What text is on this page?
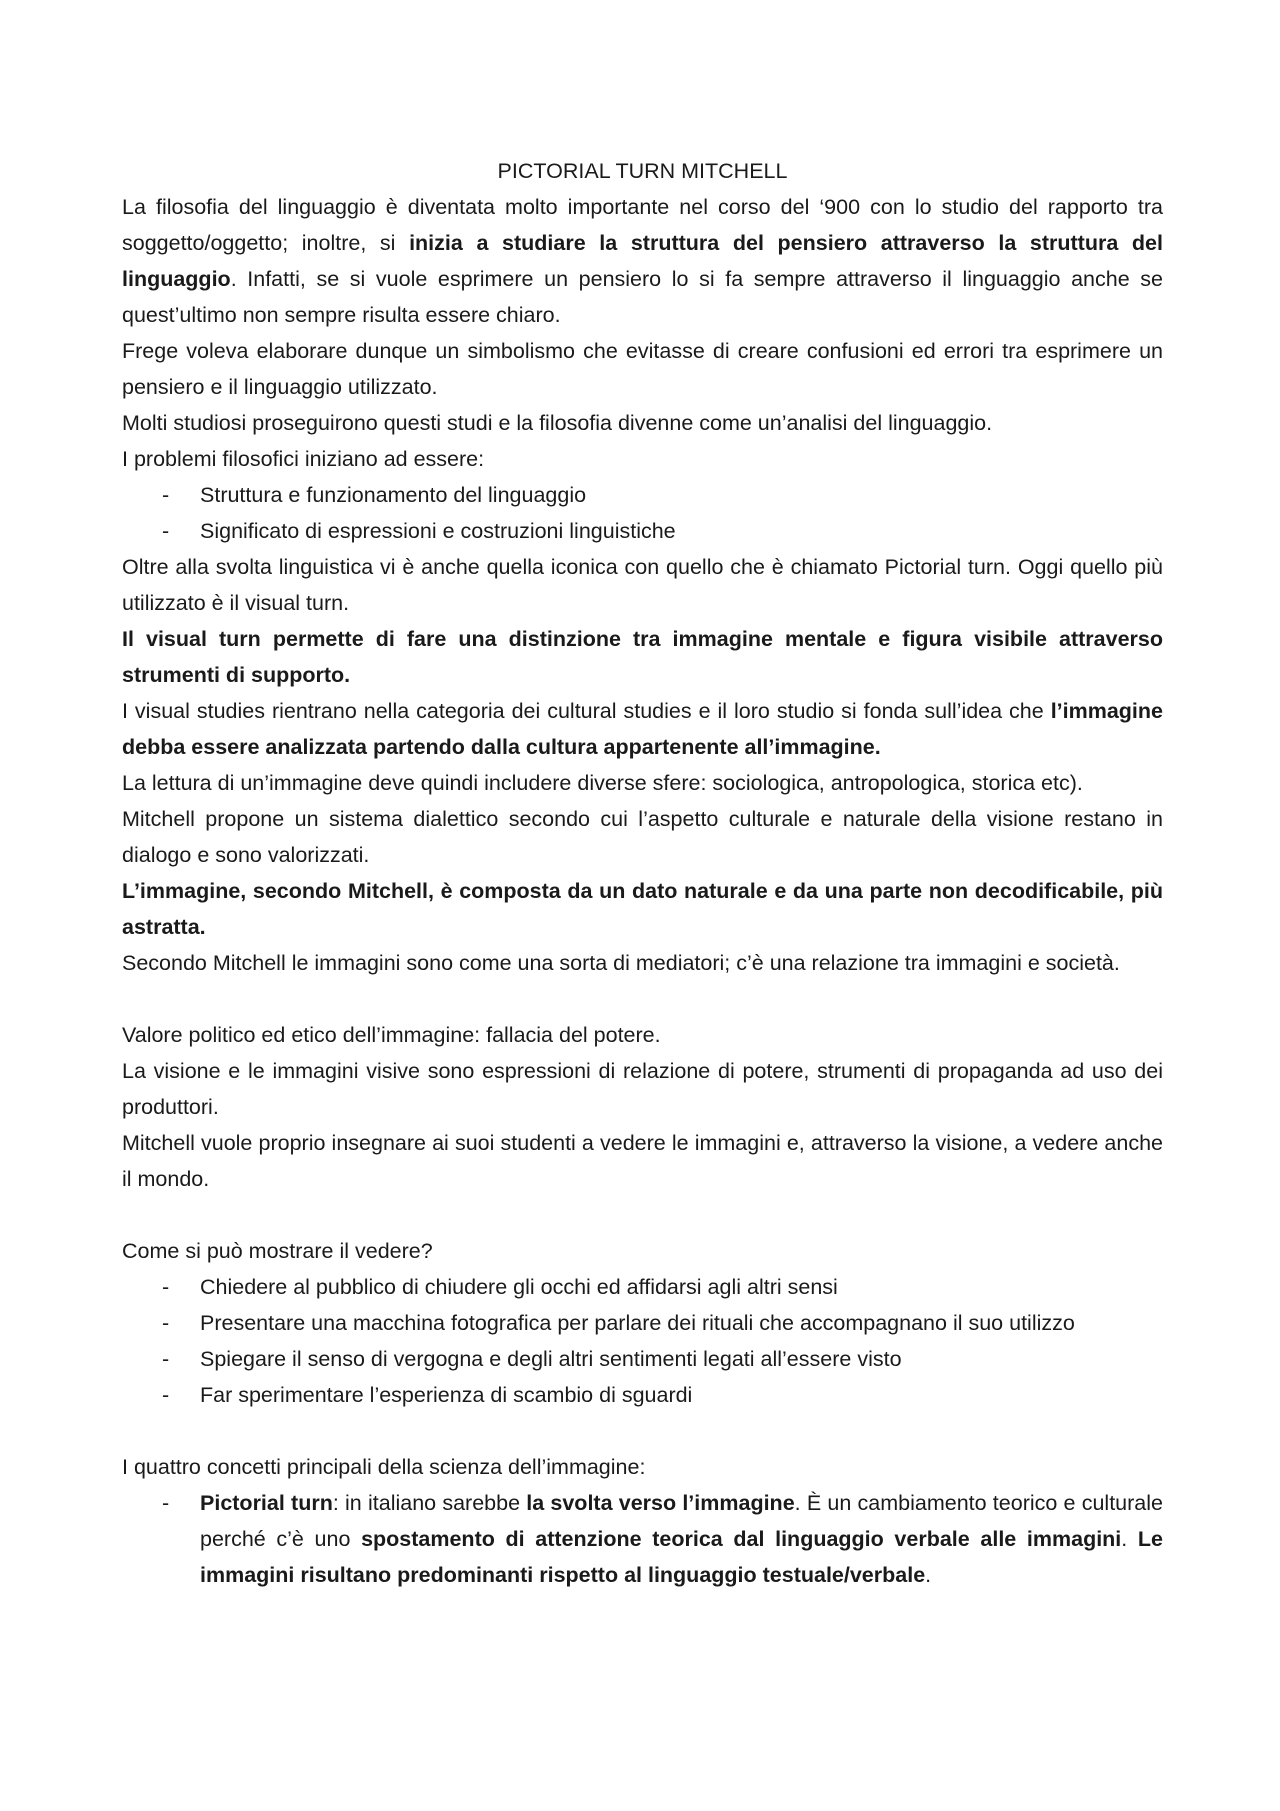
PICTORIAL TURN MITCHELL

La filosofia del linguaggio è diventata molto importante nel corso del ‘900 con lo studio del rapporto tra soggetto/oggetto; inoltre, si inizia a studiare la struttura del pensiero attraverso la struttura del linguaggio. Infatti, se si vuole esprimere un pensiero lo si fa sempre attraverso il linguaggio anche se quest’ultimo non sempre risulta essere chiaro.

Frege voleva elaborare dunque un simbolismo che evitasse di creare confusioni ed errori tra esprimere un pensiero e il linguaggio utilizzato.

Molti studiosi proseguirono questi studi e la filosofia divenne come un’analisi del linguaggio.

I problemi filosofici iniziano ad essere:

-	Struttura e funzionamento del linguaggio
-	Significato di espressioni e costruzioni linguistiche

Oltre alla svolta linguistica vi è anche quella iconica con quello che è chiamato Pictorial turn. Oggi quello più utilizzato è il visual turn.

Il visual turn permette di fare una distinzione tra immagine mentale e figura visibile attraverso strumenti di supporto.

I visual studies rientrano nella categoria dei cultural studies e il loro studio si fonda sull’idea che l’immagine debba essere analizzata partendo dalla cultura appartenente all’immagine.

La lettura di un’immagine deve quindi includere diverse sfere: sociologica, antropologica, storica etc).

Mitchell propone un sistema dialettico secondo cui l’aspetto culturale e naturale della visione restano in dialogo e sono valorizzati.

L’immagine, secondo Mitchell, è composta da un dato naturale e da una parte non decodificabile, più astratta.

Secondo Mitchell le immagini sono come una sorta di mediatori; c’è una relazione tra immagini e società.

Valore politico ed etico dell’immagine: fallacia del potere.

La visione e le immagini visive sono espressioni di relazione di potere, strumenti di propaganda ad uso dei produttori.

Mitchell vuole proprio insegnare ai suoi studenti a vedere le immagini e, attraverso la visione, a vedere anche il mondo.

Come si può mostrare il vedere?

-	Chiedere al pubblico di chiudere gli occhi ed affidarsi agli altri sensi
-	Presentare una macchina fotografica per parlare dei rituali che accompagnano il suo utilizzo
-	Spiegare il senso di vergogna e degli altri sentimenti legati all’essere visto
-	Far sperimentare l’esperienza di scambio di sguardi

I quattro concetti principali della scienza dell’immagine:

-	Pictorial turn: in italiano sarebbe la svolta verso l’immagine. È un cambiamento teorico e culturale perché c’è uno spostamento di attenzione teorica dal linguaggio verbale alle immagini. Le immagini risultano predominanti rispetto al linguaggio testuale/verbale.
